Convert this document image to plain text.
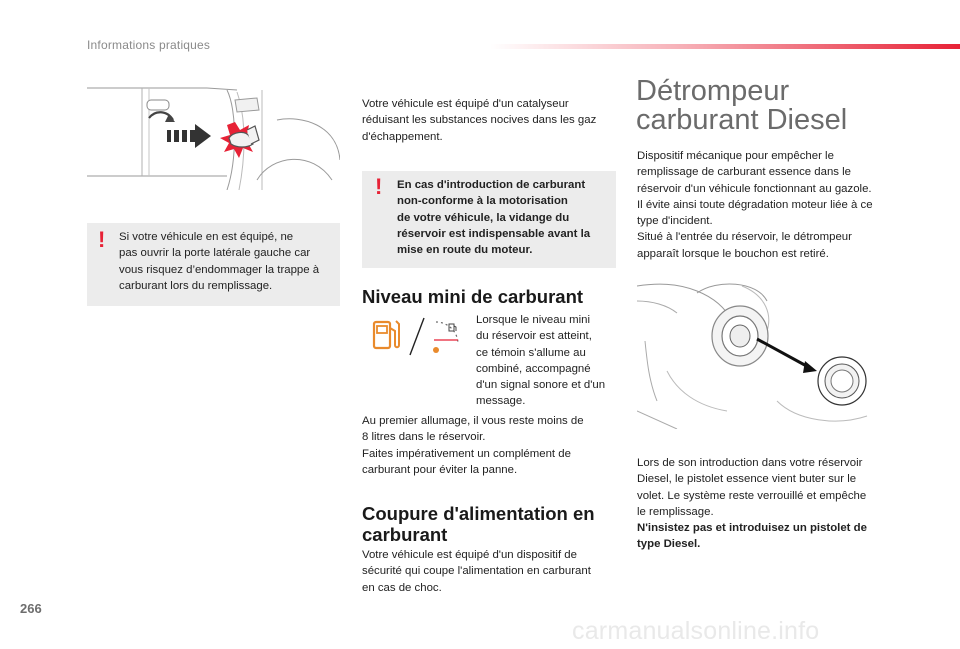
Informations pratiques
! Si votre véhicule en est équipé, ne
pas ouvrir la porte latérale gauche car
vous risquez d’endommager la trappe à
carburant lors du remplissage.
Votre véhicule est équipé d'un catalyseur
réduisant les substances nocives dans les gaz
d'échappement.
! En cas d'introduction de carburant
non-conforme à la motorisation
de votre véhicule, la vidange du
réservoir est indispensable avant la
mise en route du moteur.
Niveau mini de carburant
Lorsque le niveau mini
du réservoir est atteint,
ce témoin s'allume au
combiné, accompagné
d'un signal sonore et d'un
message.
Au premier allumage, il vous reste moins de
8 litres dans le réservoir.
Faites impérativement un complément de
carburant pour éviter la panne.
Coupure d'alimentation en
carburant
Votre véhicule est équipé d'un dispositif de
sécurité qui coupe l'alimentation en carburant
en cas de choc.
Détrompeur
carburant Diesel
Dispositif mécanique pour empêcher le
remplissage de carburant essence dans le
réservoir d'un véhicule fonctionnant au gazole.
Il évite ainsi toute dégradation moteur liée à ce
type d'incident.
Situé à l'entrée du réservoir, le détrompeur
apparaît lorsque le bouchon est retiré.
Lors de son introduction dans votre réservoir
Diesel, le pistolet essence vient buter sur le
volet. Le système reste verrouillé et empêche
le remplissage.
N'insistez pas et introduisez un pistolet de
type Diesel.
266
carmanualsonline.info
